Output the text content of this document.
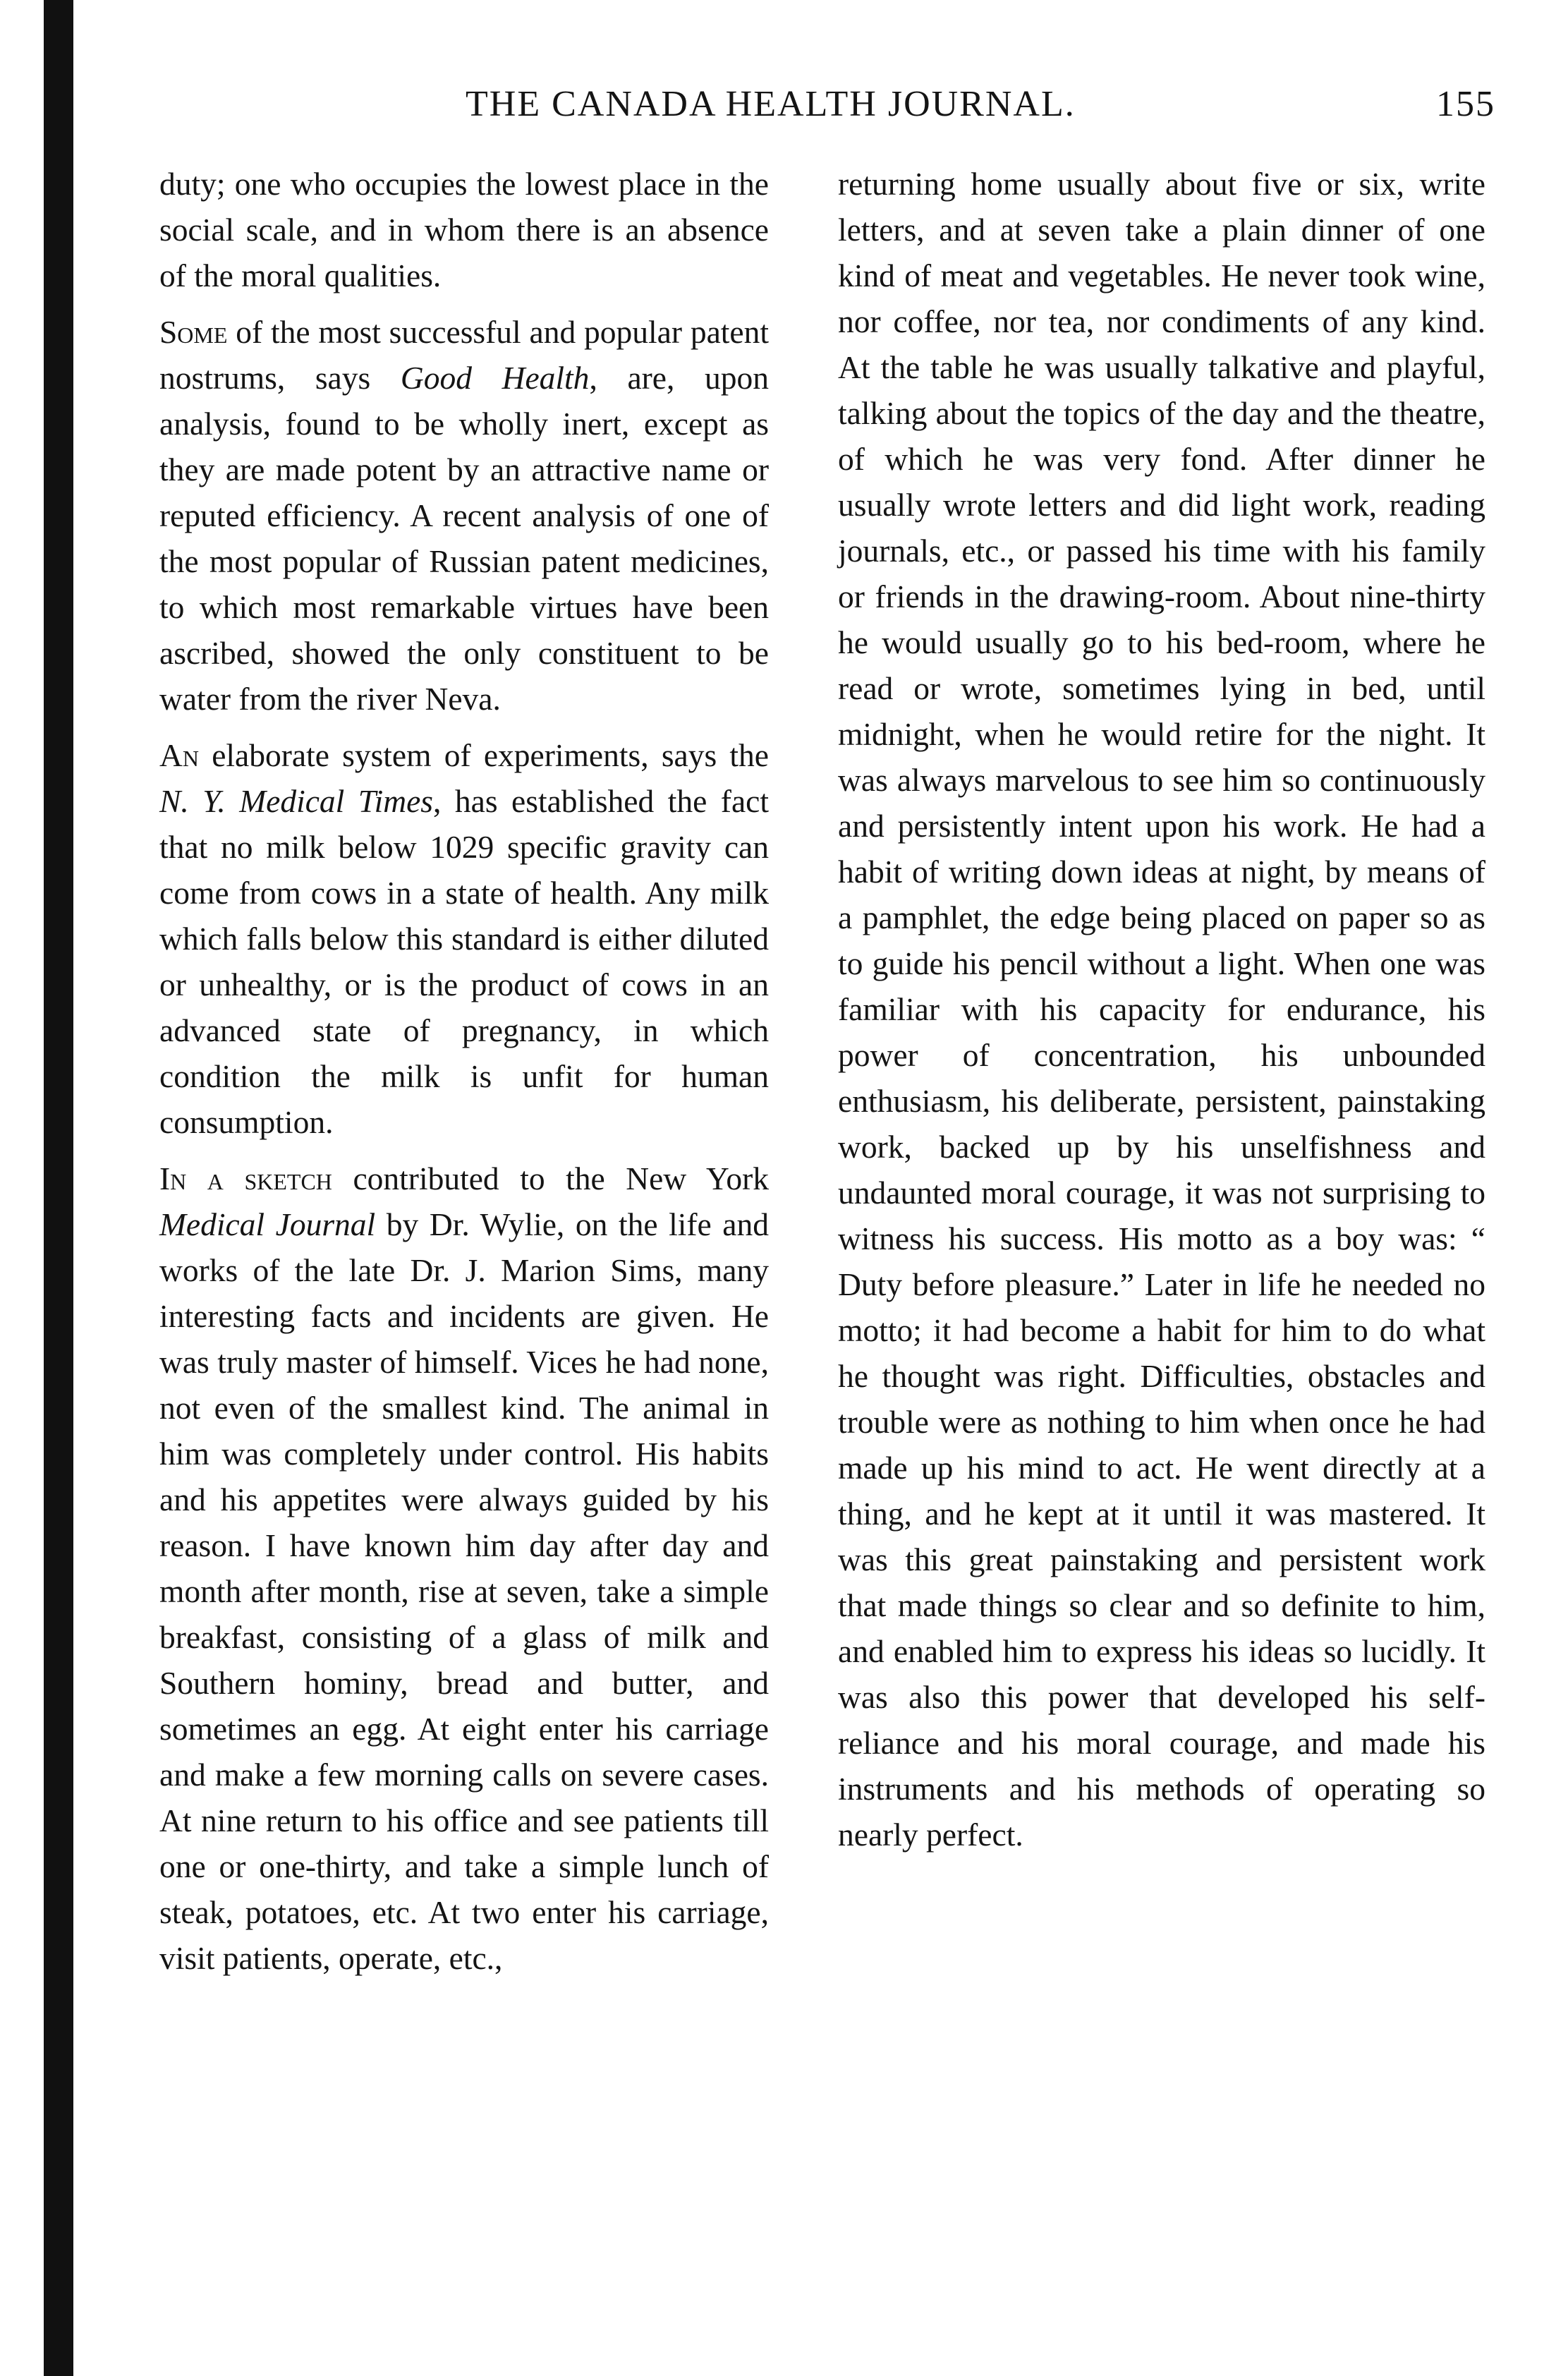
THE CANADA HEALTH JOURNAL.	155

duty; one who occupies the lowest place in the social scale, and in whom there is an absence of the moral qualities.

Some of the most successful and popular patent nostrums, says Good Health, are, upon analysis, found to be wholly inert, except as they are made potent by an attractive name or reputed efficiency. A recent analysis of one of the most popular of Russian patent medicines, to which most remarkable virtues have been ascribed, showed the only constituent to be water from the river Neva.

An elaborate system of experiments, says the N. Y. Medical Times, has established the fact that no milk below 1029 specific gravity can come from cows in a state of health. Any milk which falls below this standard is either diluted or unhealthy, or is the product of cows in an advanced state of pregnancy, in which condition the milk is unfit for human consumption.

In a sketch contributed to the New York Medical Journal by Dr. Wylie, on the life and works of the late Dr. J. Marion Sims, many interesting facts and incidents are given. He was truly master of himself. Vices he had none, not even of the smallest kind. The animal in him was completely under control. His habits and his appetites were always guided by his reason. I have known him day after day and month after month, rise at seven, take a simple breakfast, consisting of a glass of milk and Southern hominy, bread and butter, and sometimes an egg. At eight enter his carriage and make a few morning calls on severe cases. At nine return to his office and see patients till one or one-thirty, and take a simple lunch of steak, potatoes, etc. At two enter his carriage, visit patients, operate, etc.,

returning home usually about five or six, write letters, and at seven take a plain dinner of one kind of meat and vegetables. He never took wine, nor coffee, nor tea, nor condiments of any kind. At the table he was usually talkative and playful, talking about the topics of the day and the theatre, of which he was very fond. After dinner he usually wrote letters and did light work, reading journals, etc., or passed his time with his family or friends in the drawing-room. About nine-thirty he would usually go to his bed-room, where he read or wrote, sometimes lying in bed, until midnight, when he would retire for the night. It was always marvelous to see him so continuously and persistently intent upon his work. He had a habit of writing down ideas at night, by means of a pamphlet, the edge being placed on paper so as to guide his pencil without a light. When one was familiar with his capacity for endurance, his power of concentration, his unbounded enthusiasm, his deliberate, persistent, painstaking work, backed up by his unselfishness and undaunted moral courage, it was not surprising to witness his success. His motto as a boy was: “ Duty before pleasure.” Later in life he needed no motto; it had become a habit for him to do what he thought was right. Difficulties, obstacles and trouble were as nothing to him when once he had made up his mind to act. He went directly at a thing, and he kept at it until it was mastered. It was this great painstaking and persistent work that made things so clear and so definite to him, and enabled him to express his ideas so lucidly. It was also this power that developed his self-reliance and his moral courage, and made his instruments and his methods of operating so nearly perfect.
